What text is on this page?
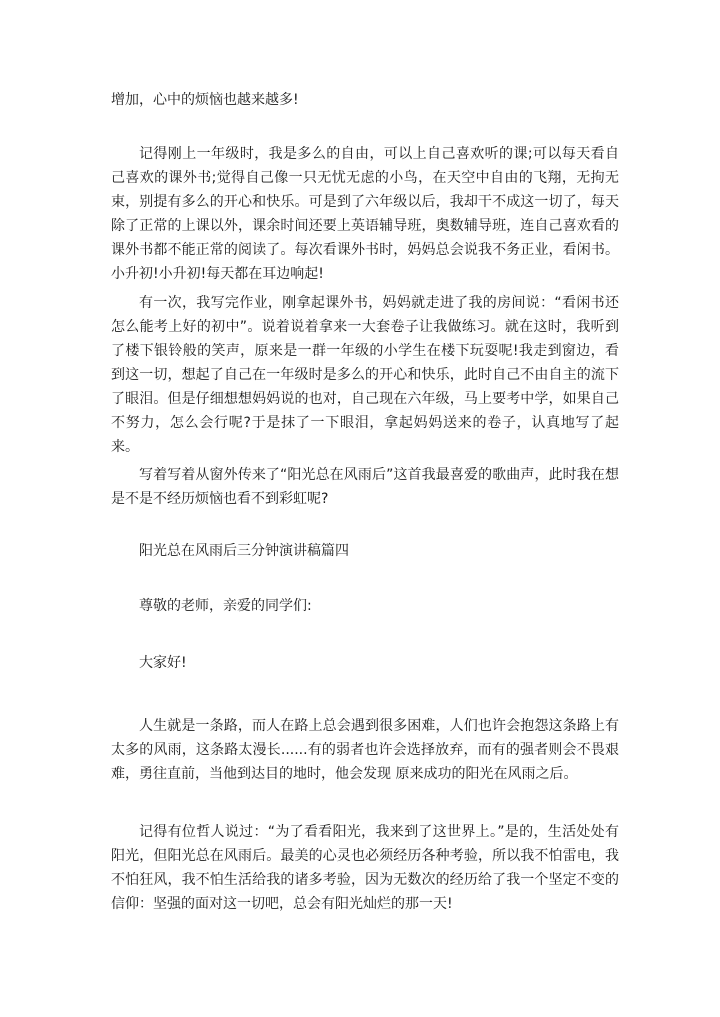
增加，心中的烦恼也越来越多!

记得刚上一年级时，我是多么的自由，可以上自己喜欢听的课;可以每天看自己喜欢的课外书;觉得自己像一只无忧无虑的小鸟，在天空中自由的飞翔，无拘无束，别提有多么的开心和快乐。可是到了六年级以后，我却干不成这一切了，每天除了正常的上课以外，课余时间还要上英语辅导班，奥数辅导班，连自己喜欢看的课外书都不能正常的阅读了。每次看课外书时，妈妈总会说我不务正业，看闲书。小升初!小升初!每天都在耳边响起!

有一次，我写完作业，刚拿起课外书，妈妈就走进了我的房间说：“看闲书还怎么能考上好的初中”。说着说着拿来一大套卷子让我做练习。就在这时，我听到了楼下银铃般的笑声，原来是一群一年级的小学生在楼下玩耍呢!我走到窗边，看到这一切，想起了自己在一年级时是多么的开心和快乐，此时自己不由自主的流下了眼泪。但是仔细想想妈妈说的也对，自己现在六年级，马上要考中学，如果自己不努力，怎么会行呢?于是抹了一下眼泪，拿起妈妈送来的卷子，认真地写了起来。

写着写着从窗外传来了“阳光总在风雨后”这首我最喜爱的歌曲声，此时我在想是不是不经历烦恼也看不到彩虹呢?

阳光总在风雨后三分钟演讲稿篇四

尊敬的老师，亲爱的同学们:

大家好!

人生就是一条路，而人在路上总会遇到很多困难，人们也许会抱怨这条路上有太多的风雨，这条路太漫长......有的弱者也许会选择放弃，而有的强者则会不畏艰难，勇往直前，当他到达目的地时，他会发现 原来成功的阳光在风雨之后。

记得有位哲人说过：“为了看看阳光，我来到了这世界上。”是的，生活处处有阳光，但阳光总在风雨后。最美的心灵也必须经历各种考验，所以我不怕雷电，我不怕狂风，我不怕生活给我的诸多考验，因为无数次的经历给了我一个坚定不变的信仰：坚强的面对这一切吧，总会有阳光灿烂的那一天!
